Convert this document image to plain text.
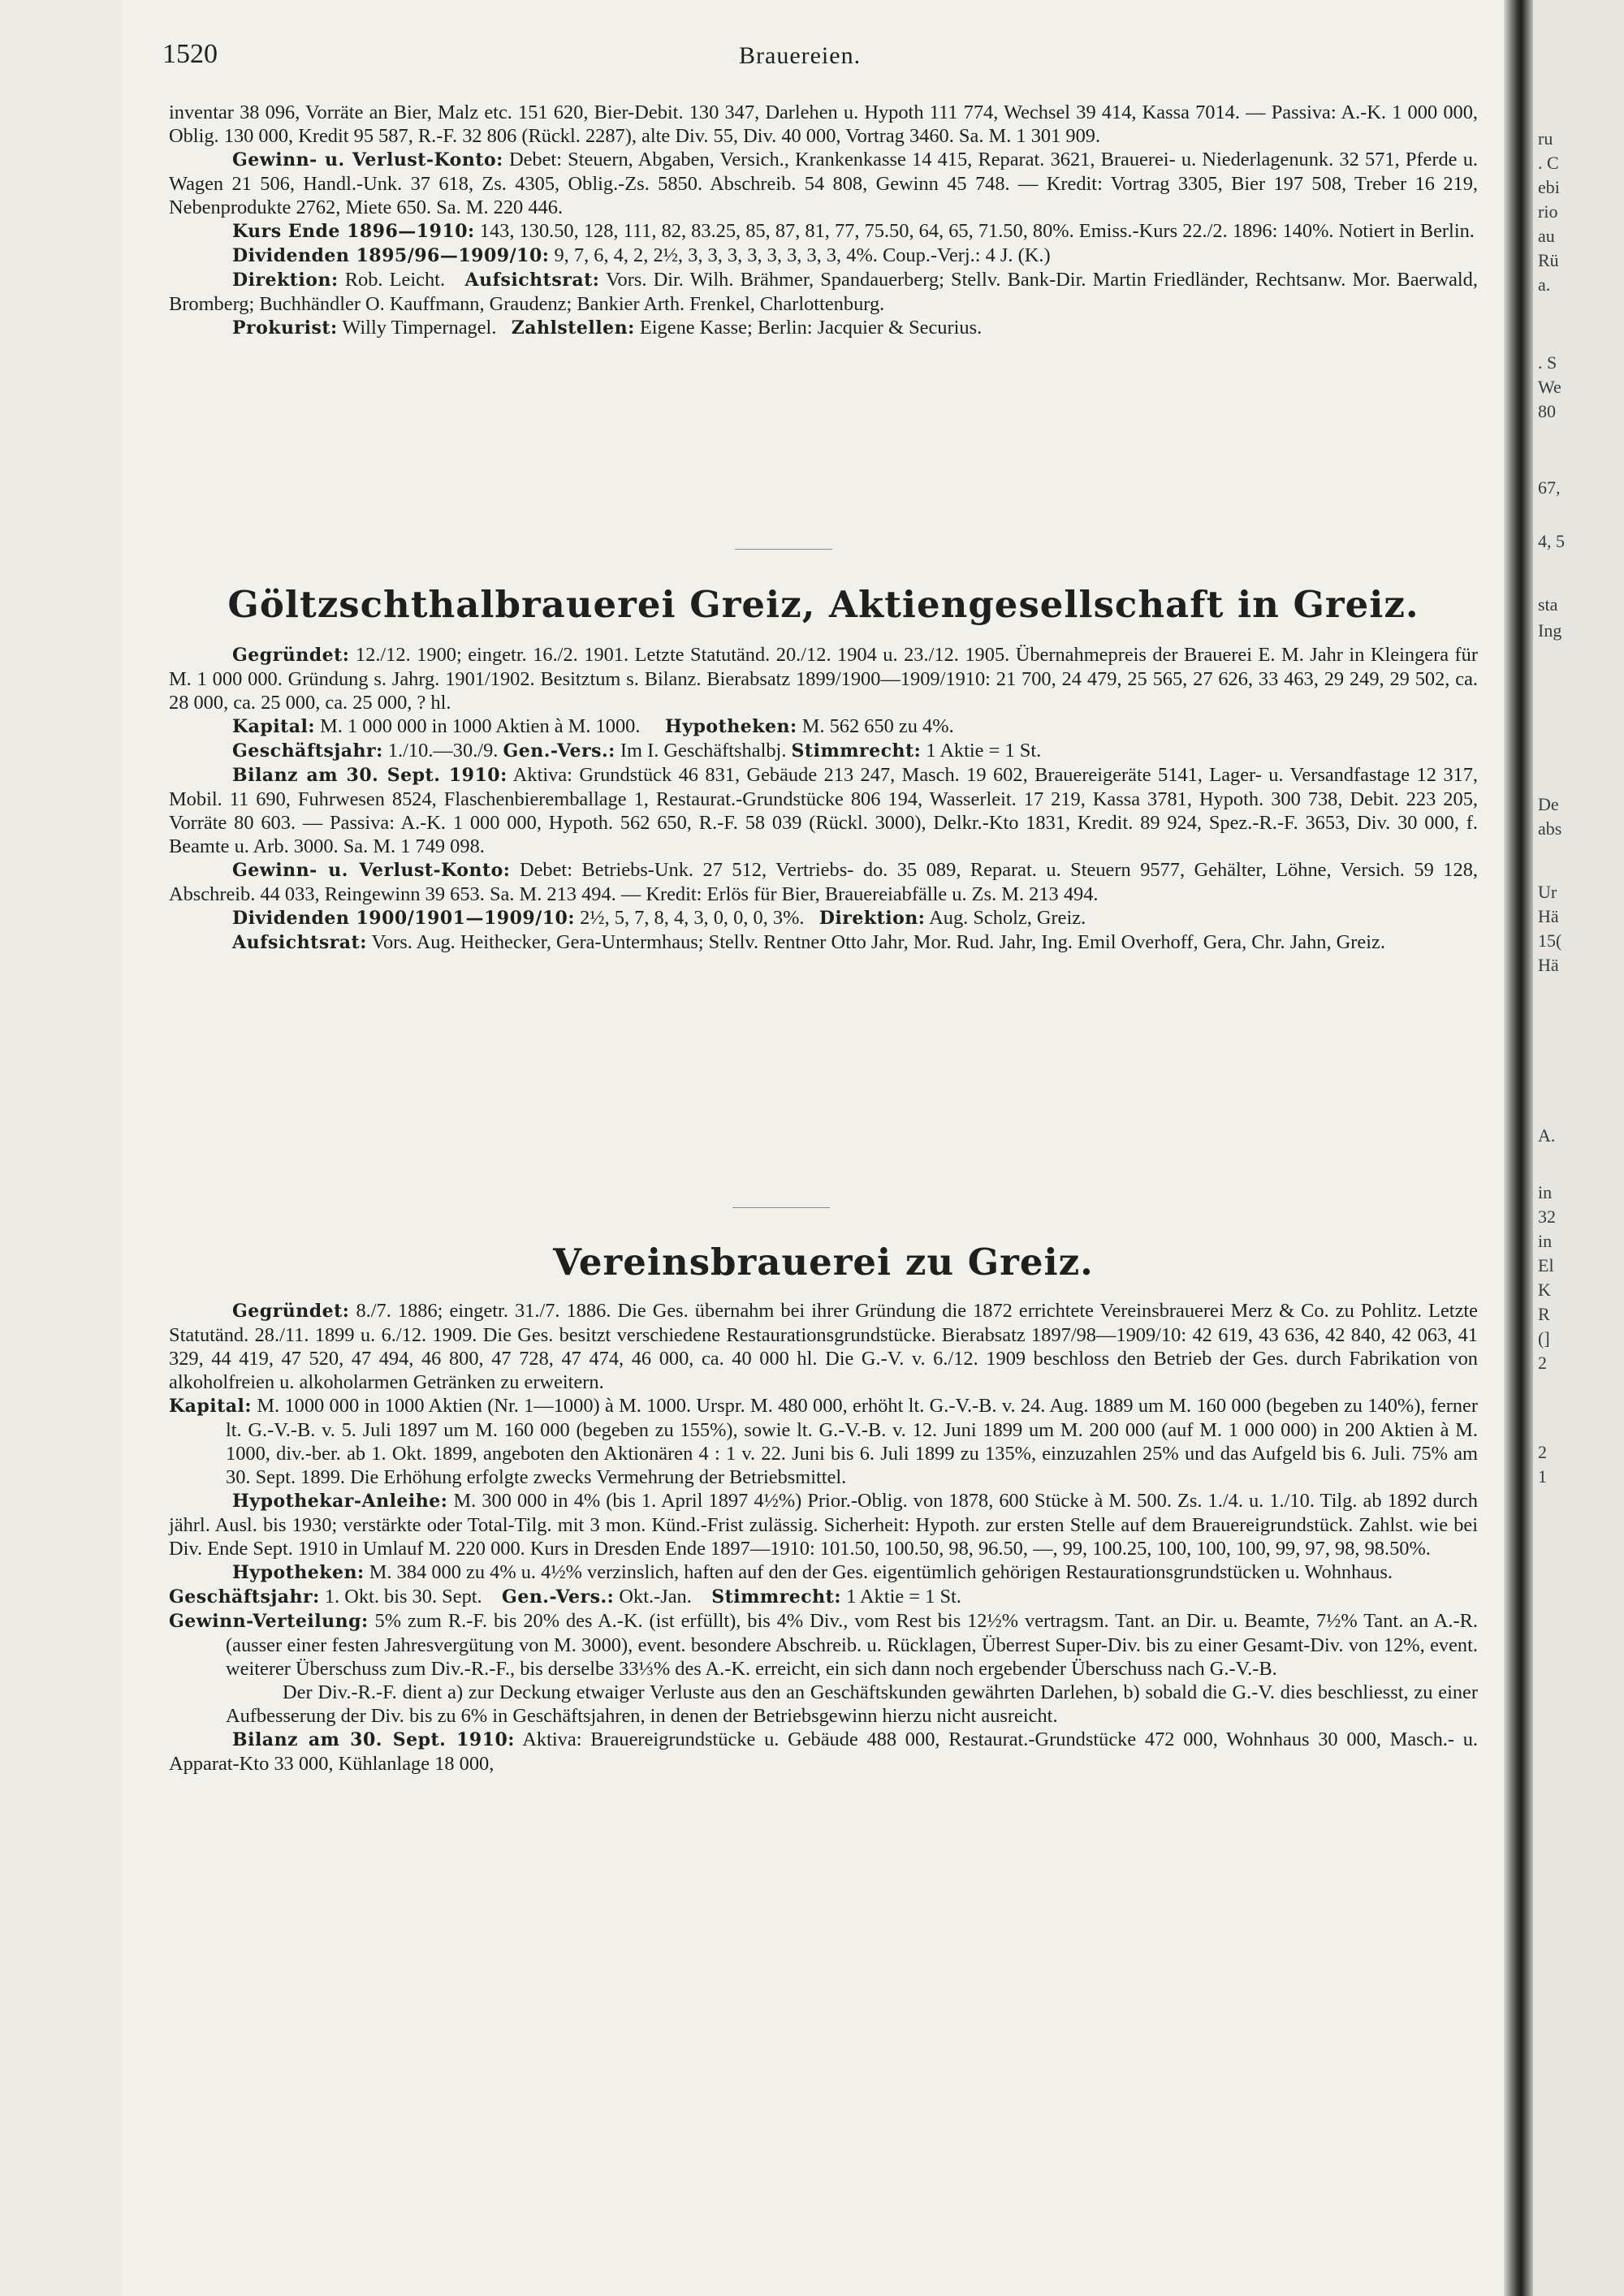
ru
. C
ebi
rio
au
Rü
a.
. S
We
80
67,
4, 5
sta
Ing
De
abs
Ur
Hä
15(
Hä
A.
in
32
in
El
K
R
(]
2
2
1
1520	Brauereien.

inventar 38 096, Vorräte an Bier, Malz etc. 151 620, Bier-Debit. 130 347, Darlehen u. Hypoth 111 774, Wechsel 39 414, Kassa 7014. — Passiva: A.-K. 1 000 000, Oblig. 130 000, Kredit 95 587, R.-F. 32 806 (Rückl. 2287), alte Div. 55, Div. 40 000, Vortrag 3460. Sa. M. 1 301 909.

Gewinn- u. Verlust-Konto: Debet: Steuern, Abgaben, Versich., Krankenkasse 14 415, Reparat. 3621, Brauerei- u. Niederlagenunk. 32 571, Pferde u. Wagen 21 506, Handl.-Unk. 37 618, Zs. 4305, Oblig.-Zs. 5850. Abschreib. 54 808, Gewinn 45 748. — Kredit: Vortrag 3305, Bier 197 508, Treber 16 219, Nebenprodukte 2762, Miete 650. Sa. M. 220 446.

Kurs Ende 1896—1910: 143, 130.50, 128, 111, 82, 83.25, 85, 87, 81, 77, 75.50, 64, 65, 71.50, 80%. Emiss.-Kurs 22./2. 1896: 140%. Notiert in Berlin.

Dividenden 1895/96—1909/10: 9, 7, 6, 4, 2, 2½, 3, 3, 3, 3, 3, 3, 3, 3, 4%. Coup.-Verj.: 4 J. (K.)

Direktion: Rob. Leicht. Aufsichtsrat: Vors. Dir. Wilh. Brähmer, Spandauerberg; Stellv. Bank-Dir. Martin Friedländer, Rechtsanw. Mor. Baerwald, Bromberg; Buchhändler O. Kauffmann, Graudenz; Bankier Arth. Frenkel, Charlottenburg.

Prokurist: Willy Timpernagel. Zahlstellen: Eigene Kasse; Berlin: Jacquier & Securius.

Göltzschthalbrauerei Greiz, Aktiengesellschaft in Greiz.

Gegründet: 12./12. 1900; eingetr. 16./2. 1901. Letzte Statutänd. 20./12. 1904 u. 23./12. 1905. Übernahmepreis der Brauerei E. M. Jahr in Kleingera für M. 1 000 000. Gründung s. Jahrg. 1901/1902. Besitztum s. Bilanz. Bierabsatz 1899/1900—1909/1910: 21 700, 24 479, 25 565, 27 626, 33 463, 29 249, 29 502, ca. 28 000, ca. 25 000, ca. 25 000, ? hl.

Kapital: M. 1 000 000 in 1000 Aktien à M. 1000. Hypotheken: M. 562 650 zu 4%.

Geschäftsjahr: 1./10.—30./9. Gen.-Vers.: Im I. Geschäftshalbj. Stimmrecht: 1 Aktie = 1 St.

Bilanz am 30. Sept. 1910: Aktiva: Grundstück 46 831, Gebäude 213 247, Masch. 19 602, Brauereigeräte 5141, Lager- u. Versandfastage 12 317, Mobil. 11 690, Fuhrwesen 8524, Flaschenbieremballage 1, Restaurat.-Grundstücke 806 194, Wasserleit. 17 219, Kassa 3781, Hypoth. 300 738, Debit. 223 205, Vorräte 80 603. — Passiva: A.-K. 1 000 000, Hypoth. 562 650, R.-F. 58 039 (Rückl. 3000), Delkr.-Kto 1831, Kredit. 89 924, Spez.-R.-F. 3653, Div. 30 000, f. Beamte u. Arb. 3000. Sa. M. 1 749 098.

Gewinn- u. Verlust-Konto: Debet: Betriebs-Unk. 27 512, Vertriebs- do. 35 089, Reparat. u. Steuern 9577, Gehälter, Löhne, Versich. 59 128, Abschreib. 44 033, Reingewinn 39 653. Sa. M. 213 494. — Kredit: Erlös für Bier, Brauereiabfälle u. Zs. M. 213 494.

Dividenden 1900/1901—1909/10: 2½, 5, 7, 8, 4, 3, 0, 0, 0, 3%. Direktion: Aug. Scholz, Greiz.

Aufsichtsrat: Vors. Aug. Heithecker, Gera-Untermhaus; Stellv. Rentner Otto Jahr, Mor. Rud. Jahr, Ing. Emil Overhoff, Gera, Chr. Jahn, Greiz.

Vereinsbrauerei zu Greiz.

Gegründet: 8./7. 1886; eingetr. 31./7. 1886. Die Ges. übernahm bei ihrer Gründung die 1872 errichtete Vereinsbrauerei Merz & Co. zu Pohlitz. Letzte Statutänd. 28./11. 1899 u. 6./12. 1909. Die Ges. besitzt verschiedene Restaurationsgrundstücke. Bierabsatz 1897/98—1909/10: 42 619, 43 636, 42 840, 42 063, 41 329, 44 419, 47 520, 47 494, 46 800, 47 728, 47 474, 46 000, ca. 40 000 hl. Die G.-V. v. 6./12. 1909 beschloss den Betrieb der Ges. durch Fabrikation von alkoholfreien u. alkoholarmen Getränken zu erweitern.

Kapital: M. 1000 000 in 1000 Aktien (Nr. 1—1000) à M. 1000. Urspr. M. 480 000, erhöht lt. G.-V.-B. v. 24. Aug. 1889 um M. 160 000 (begeben zu 140%), ferner lt. G.-V.-B. v. 5. Juli 1897 um M. 160 000 (begeben zu 155%), sowie lt. G.-V.-B. v. 12. Juni 1899 um M. 200 000 (auf M. 1 000 000) in 200 Aktien à M. 1000, div.-ber. ab 1. Okt. 1899, angeboten den Aktionären 4 : 1 v. 22. Juni bis 6. Juli 1899 zu 135%, einzuzahlen 25% und das Aufgeld bis 6. Juli. 75% am 30. Sept. 1899. Die Erhöhung erfolgte zwecks Vermehrung der Betriebsmittel.

Hypothekar-Anleihe: M. 300 000 in 4% (bis 1. April 1897 4½%) Prior.-Oblig. von 1878, 600 Stücke à M. 500. Zs. 1./4. u. 1./10. Tilg. ab 1892 durch jährl. Ausl. bis 1930; verstärkte oder Total-Tilg. mit 3 mon. Künd.-Frist zulässig. Sicherheit: Hypoth. zur ersten Stelle auf dem Brauereigrundstück. Zahlst. wie bei Div. Ende Sept. 1910 in Umlauf M. 220 000. Kurs in Dresden Ende 1897—1910: 101.50, 100.50, 98, 96.50, —, 99, 100.25, 100, 100, 100, 99, 97, 98, 98.50%.

Hypotheken: M. 384 000 zu 4% u. 4½% verzinslich, haften auf den der Ges. eigentümlich gehörigen Restaurationsgrundstücken u. Wohnhaus.

Geschäftsjahr: 1. Okt. bis 30. Sept. Gen.-Vers.: Okt.-Jan. Stimmrecht: 1 Aktie = 1 St.

Gewinn-Verteilung: 5% zum R.-F. bis 20% des A.-K. (ist erfüllt), bis 4% Div., vom Rest bis 12½% vertragsm. Tant. an Dir. u. Beamte, 7½% Tant. an A.-R. (ausser einer festen Jahresvergütung von M. 3000), event. besondere Abschreib. u. Rücklagen, Überrest Super-Div. bis zu einer Gesamt-Div. von 12%, event. weiterer Überschuss zum Div.-R.-F., bis derselbe 33⅓% des A.-K. erreicht, ein sich dann noch ergebender Überschuss nach G.-V.-B.

Der Div.-R.-F. dient a) zur Deckung etwaiger Verluste aus den an Geschäftskunden gewährten Darlehen, b) sobald die G.-V. dies beschliesst, zu einer Aufbesserung der Div. bis zu 6% in Geschäftsjahren, in denen der Betriebsgewinn hierzu nicht ausreicht.

Bilanz am 30. Sept. 1910: Aktiva: Brauereigrundstücke u. Gebäude 488 000, Restaurat.-Grundstücke 472 000, Wohnhaus 30 000, Masch.- u. Apparat-Kto 33 000, Kühlanlage 18 000,
